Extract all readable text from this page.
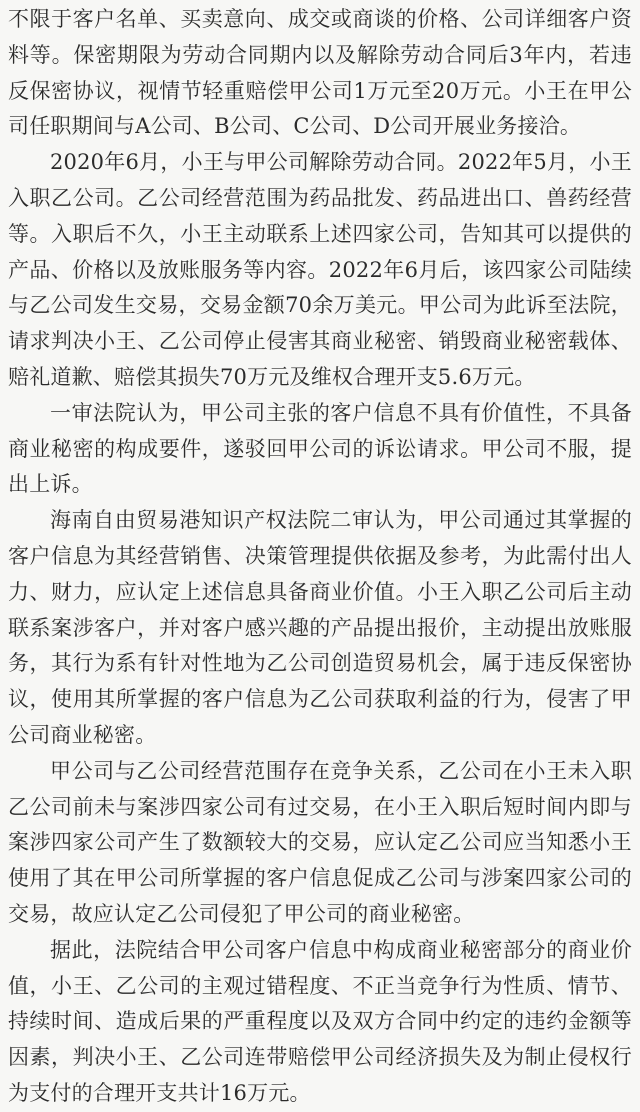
不限于客户名单、买卖意向、成交或商谈的价格、公司详细客户资料等。保密期限为劳动合同期内以及解除劳动合同后3年内，若违反保密协议，视情节轻重赔偿甲公司1万元至20万元。小王在甲公司任职期间与A公司、B公司、C公司、D公司开展业务接洽。

2020年6月，小王与甲公司解除劳动合同。2022年5月，小王入职乙公司。乙公司经营范围为药品批发、药品进出口、兽药经营等。入职后不久，小王主动联系上述四家公司，告知其可以提供的产品、价格以及放账服务等内容。2022年6月后，该四家公司陆续与乙公司发生交易，交易金额70余万美元。甲公司为此诉至法院，请求判决小王、乙公司停止侵害其商业秘密、销毁商业秘密载体、赔礼道歉、赔偿其损失70万元及维权合理开支5.6万元。

一审法院认为，甲公司主张的客户信息不具有价值性，不具备商业秘密的构成要件，遂驳回甲公司的诉讼请求。甲公司不服，提出上诉。

海南自由贸易港知识产权法院二审认为，甲公司通过其掌握的客户信息为其经营销售、决策管理提供依据及参考，为此需付出人力、财力，应认定上述信息具备商业价值。小王入职乙公司后主动联系案涉客户，并对客户感兴趣的产品提出报价，主动提出放账服务，其行为系有针对性地为乙公司创造贸易机会，属于违反保密协议，使用其所掌握的客户信息为乙公司获取利益的行为，侵害了甲公司商业秘密。

甲公司与乙公司经营范围存在竞争关系，乙公司在小王未入职乙公司前未与案涉四家公司有过交易，在小王入职后短时间内即与案涉四家公司产生了数额较大的交易，应认定乙公司应当知悉小王使用了其在甲公司所掌握的客户信息促成乙公司与涉案四家公司的交易，故应认定乙公司侵犯了甲公司的商业秘密。

据此，法院结合甲公司客户信息中构成商业秘密部分的商业价值，小王、乙公司的主观过错程度、不正当竞争行为性质、情节、持续时间、造成后果的严重程度以及双方合同中约定的违约金额等因素，判决小王、乙公司连带赔偿甲公司经济损失及为制止侵权行为支付的合理开支共计16万元。
